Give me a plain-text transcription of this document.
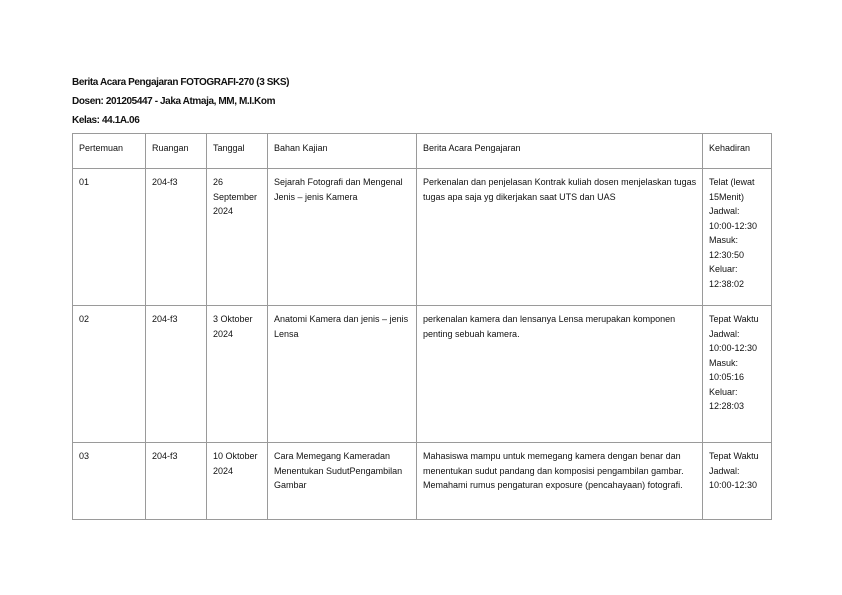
Berita Acara Pengajaran FOTOGRAFI-270 (3 SKS)
Dosen: 201205447 - Jaka Atmaja, MM, M.I.Kom
Kelas: 44.1A.06
Pertemuan	Ruangan	Tanggal	Bahan Kajian	Berita Acara Pengajaran	Kehadiran
01	204-f3	26 September 2024	Sejarah Fotografi dan Mengenal Jenis – jenis Kamera	Perkenalan dan penjelasan Kontrak kuliah dosen menjelaskan tugas tugas apa saja yg dikerjakan saat UTS dan UAS	Telat (lewat 15Menit)
Jadwal: 10:00-12:30
Masuk: 12:30:50
Keluar: 12:38:02

02	204-f3	3 Oktober 2024	Anatomi Kamera dan jenis – jenis Lensa	perkenalan kamera dan lensanya Lensa merupakan komponen penting sebuah kamera.	Tepat Waktu
Jadwal: 10:00-12:30
Masuk: 10:05:16
Keluar: 12:28:03

03	204-f3	10 Oktober 2024	Cara Memegang Kameradan Menentukan SudutPengambilan Gambar	Mahasiswa mampu untuk memegang kamera dengan benar dan menentukan sudut pandang dan komposisi pengambilan gambar. Memahami rumus pengaturan exposure (pencahayaan) fotografi.	Tepat Waktu
Jadwal: 10:00-12:30
